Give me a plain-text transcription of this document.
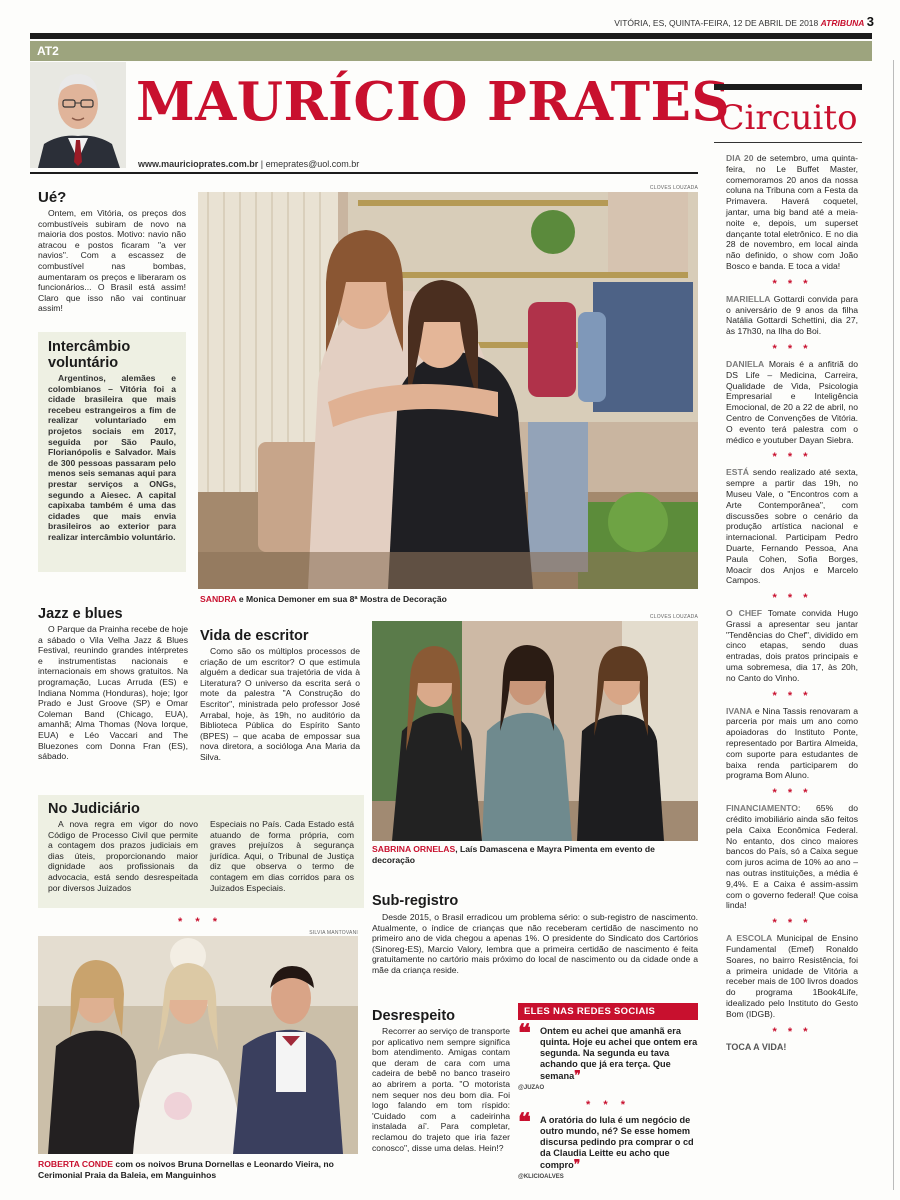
VITÓRIA, ES, QUINTA-FEIRA, 12 DE ABRIL DE 2018 ATRIBUNA 3
AT2
MAURÍCIO PRATES
www.mauricioprates.com.br | emeprates@uol.com.br
Ué?
Ontem, em Vitória, os preços dos combustíveis subiram de novo na maioria dos postos. Motivo: navio não atracou e postos ficaram "a ver navios". Com a escassez de combustível nas bombas, aumentaram os preços e liberaram os funcionários... O Brasil está assim! Claro que isso não vai continuar assim!
Intercâmbio voluntário
Argentinos, alemães e colombianos – Vitória foi a cidade brasileira que mais recebeu estrangeiros a fim de realizar voluntariado em projetos sociais em 2017, seguida por São Paulo, Florianópolis e Salvador. Mais de 300 pessoas passaram pelo menos seis semanas aqui para prestar serviços a ONGs, segundo a Aiesec. A capital capixaba também é uma das cidades que mais envia brasileiros ao exterior para realizar intercâmbio voluntário.
Jazz e blues
O Parque da Prainha recebe de hoje a sábado o Vila Velha Jazz & Blues Festival, reunindo grandes intérpretes e instrumentistas nacionais e internacionais em shows gratuitos. Na programação, Lucas Arruda (ES) e Indiana Nomma (Honduras), hoje; Igor Prado e Just Groove (SP) e Omar Coleman Band (Chicago, EUA), amanhã; Alma Thomas (Nova Iorque, EUA) e Léo Vaccari and The Bluezones com Donna Fran (ES), sábado.
CLOVES LOUZADA
SANDRA e Monica Demoner em sua 8ª Mostra de Decoração
Vida de escritor
Como são os múltiplos processos de criação de um escritor? O que estimula alguém a dedicar sua trajetória de vida à Literatura? O universo da escrita será o mote da palestra "A Construção do Escritor", ministrada pelo professor José Arrabal, hoje, às 19h, no auditório da Biblioteca Pública do Espírito Santo (BPES) – que acaba de empossar sua nova diretora, a socióloga Ana Maria da Silva.
CLOVES LOUZADA
SABRINA ORNELAS, Laís Damascena e Mayra Pimenta em evento de decoração
No Judiciário
A nova regra em vigor do novo Código de Processo Civil que permite a contagem dos prazos judiciais em dias úteis, proporcionando maior dignidade aos profissionais da advocacia, está sendo desrespeitada por diversos Juizados
Especiais no País. Cada Estado está atuando de forma própria, com graves prejuízos à segurança jurídica. Aqui, o Tribunal de Justiça diz que observa o termo de contagem em dias corridos para os Juizados Especiais.
* * *
SILVIA MANTOVANI
ROBERTA CONDE com os noivos Bruna Dornellas e Leonardo Vieira, no Cerimonial Praia da Baleia, em Manguinhos
Sub-registro
Desde 2015, o Brasil erradicou um problema sério: o sub-registro de nascimento. Atualmente, o índice de crianças que não receberam certidão de nascimento no primeiro ano de vida chegou a apenas 1%. O presidente do Sindicato dos Cartórios (Sinoreg-ES), Marcio Valory, lembra que a primeira certidão de nascimento é feita gratuitamente no cartório mais próximo do local de nascimento ou da cidade onde a mãe da criança reside.
Desrespeito
Recorrer ao serviço de transporte por aplicativo nem sempre significa bom atendimento. Amigas contam que deram de cara com uma cadeira de bebê no banco traseiro ao abrirem a porta. "O motorista nem sequer nos deu bom dia. Foi logo falando em tom ríspido: 'Cuidado com a cadeirinha instalada aí'. Para completar, reclamou do trajeto que iria fazer conosco", disse uma delas. Hein!?
ELES NAS REDES SOCIAIS
❝ Ontem eu achei que amanhã era quinta. Hoje eu achei que ontem era segunda. Na segunda eu tava achando que já era terça. Que semana❞
@JUZAO
* * *
❝ A oratória do lula é um negócio de outro mundo, né? Se esse homem discursa pedindo pra comprar o cd da Claudia Leitte eu acho que compro❞
@KLICIOALVES
Circuito
DIA 20 de setembro, uma quinta-feira, no Le Buffet Master, comemoramos 20 anos da nossa coluna na Tribuna com a Festa da Primavera. Haverá coquetel, jantar, uma big band até a meia-noite e, depois, um superset dançante total eletrônico. E no dia 28 de novembro, em local ainda não definido, o show com João Bosco e banda. E toca a vida!
* * *
MARIELLA Gottardi convida para o aniversário de 9 anos da filha Natália Gottardi Schettini, dia 27, às 17h30, na Ilha do Boi.
* * *
DANIELA Morais é a anfitriã do DS Life – Medicina, Carreira, Qualidade de Vida, Psicologia Empresarial e Inteligência Emocional, de 20 a 22 de abril, no Centro de Convenções de Vitória. O evento terá palestra com o médico e youtuber Dayan Siebra.
* * *
ESTÁ sendo realizado até sexta, sempre a partir das 19h, no Museu Vale, o "Encontros com a Arte Contemporânea", com discussões sobre o cenário da produção artística nacional e internacional. Participam Pedro Duarte, Fernando Pessoa, Ana Paula Cohen, Sofia Borges, Moacir dos Anjos e Marcelo Campos.
* * *
O CHEF Tomate convida Hugo Grassi a apresentar seu jantar "Tendências do Chef", dividido em cinco etapas, sendo duas entradas, dois pratos principais e uma sobremesa, dia 17, às 20h, no Canto do Vinho.
* * *
IVANA e Nina Tassis renovaram a parceria por mais um ano como apoiadoras do Instituto Ponte, representado por Bartira Almeida, com suporte para estudantes de baixa renda participarem do programa Bom Aluno.
* * *
FINANCIAMENTO: 65% do crédito imobiliário ainda são feitos pela Caixa Econômica Federal. No entanto, dos cinco maiores bancos do País, só a Caixa segue com juros acima de 10% ao ano – nas outras instituições, a média é 9,4%. E a Caixa é assim-assim com o governo federal! Que coisa linda!
* * *
A ESCOLA Municipal de Ensino Fundamental (Emef) Ronaldo Soares, no bairro Resistência, foi a primeira unidade de Vitória a receber mais de 100 livros doados do programa 1Book4Life, idealizado pelo Instituto do Gesto Bom (IDGB).
* * *
TOCA A VIDA!
